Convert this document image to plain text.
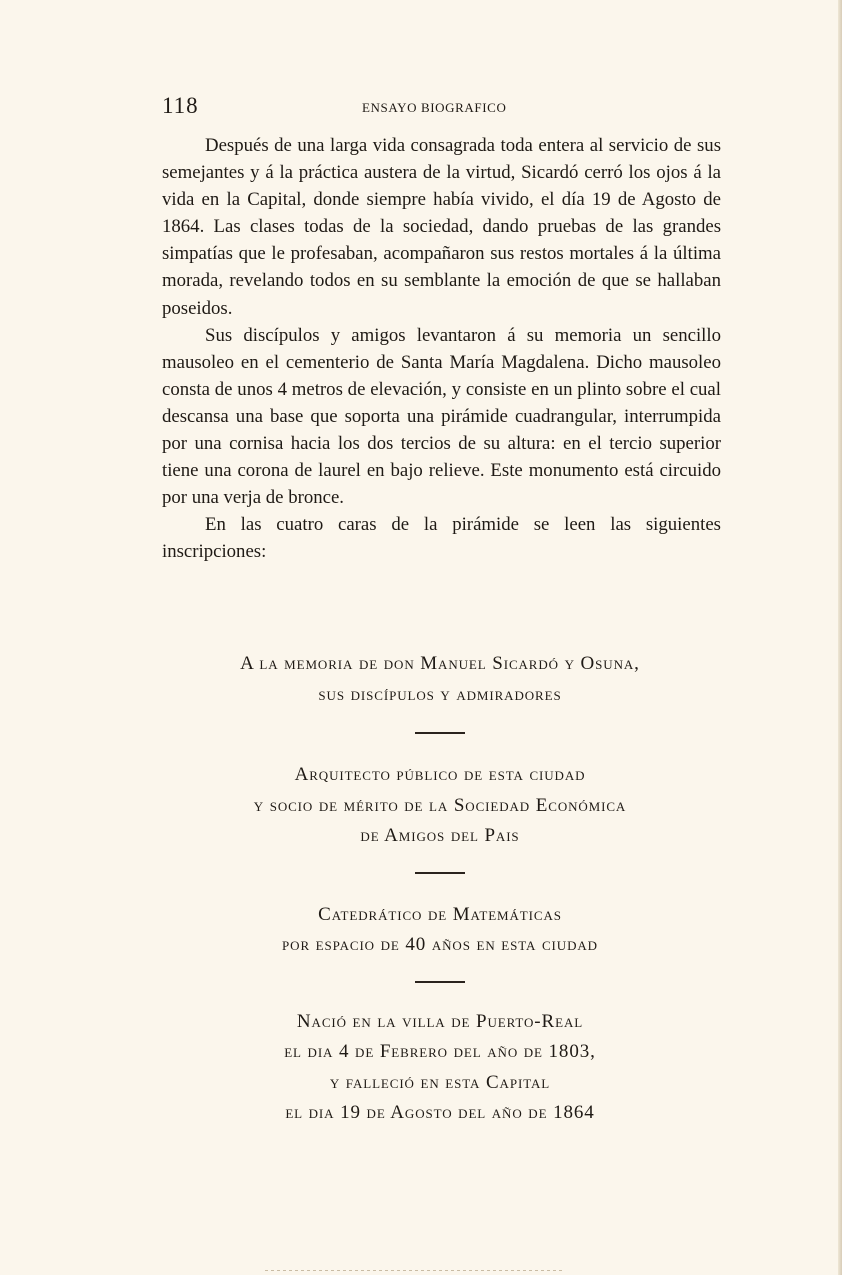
118	ENSAYO BIOGRAFICO

Después de una larga vida consagrada toda entera al servicio de sus semejantes y á la práctica austera de la virtud, Sicardó cerró los ojos á la vida en la Capital, donde siempre había vivido, el día 19 de Agosto de 1864. Las clases todas de la sociedad, dando pruebas de las grandes simpatías que le profesaban, acompañaron sus restos mortales á la última morada, revelando todos en su semblante la emoción de que se hallaban poseidos.

Sus discípulos y amigos levantaron á su memoria un sencillo mausoleo en el cementerio de Santa María Magdalena. Dicho mausoleo consta de unos 4 metros de elevación, y consiste en un plinto sobre el cual descansa una base que soporta una pirámide cuadrangular, interrumpida por una cornisa hacia los dos tercios de su altura: en el tercio superior tiene una corona de laurel en bajo relieve. Este monumento está circuido por una verja de bronce.

En las cuatro caras de la pirámide se leen las siguientes inscripciones:

A la memoria de don Manuel Sicardó y Osuna,
sus discípulos y admiradores
Arquitecto público de esta ciudad
y socio de mérito de la Sociedad Económica
de Amigos del Pais
Catedrático de Matemáticas
por espacio de 40 años en esta ciudad
Nació en la villa de Puerto-Real
el dia 4 de Febrero del año de 1803,
y falleció en esta Capital
el dia 19 de Agosto del año de 1864
